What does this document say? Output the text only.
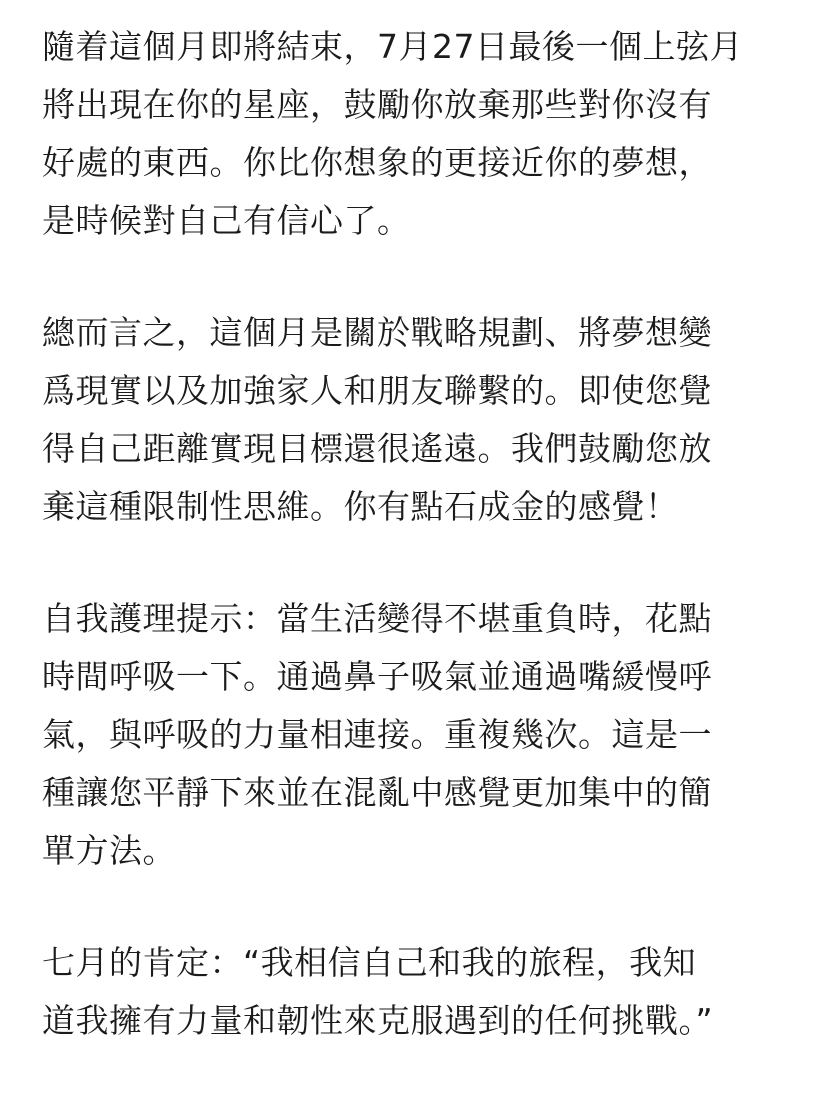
隨着這個月即將結束，7月27日最後一個上弦月
將出現在你的星座，鼓勵你放棄那些對你沒有
好處的東西。你比你想象的更接近你的夢想，
是時候對自己有信心了。

總而言之，這個月是關於戰略規劃、將夢想變
爲現實以及加強家人和朋友聯繫的。即使您覺
得自己距離實現目標還很遙遠。我們鼓勵您放
棄這種限制性思維。你有點石成金的感覺！

自我護理提示：當生活變得不堪重負時，花點
時間呼吸一下。通過鼻子吸氣並通過嘴緩慢呼
氣，與呼吸的力量相連接。重複幾次。這是一
種讓您平靜下來並在混亂中感覺更加集中的簡
單方法。

七月的肯定：“我相信自己和我的旅程，我知
道我擁有力量和韌性來克服遇到的任何挑戰。”
